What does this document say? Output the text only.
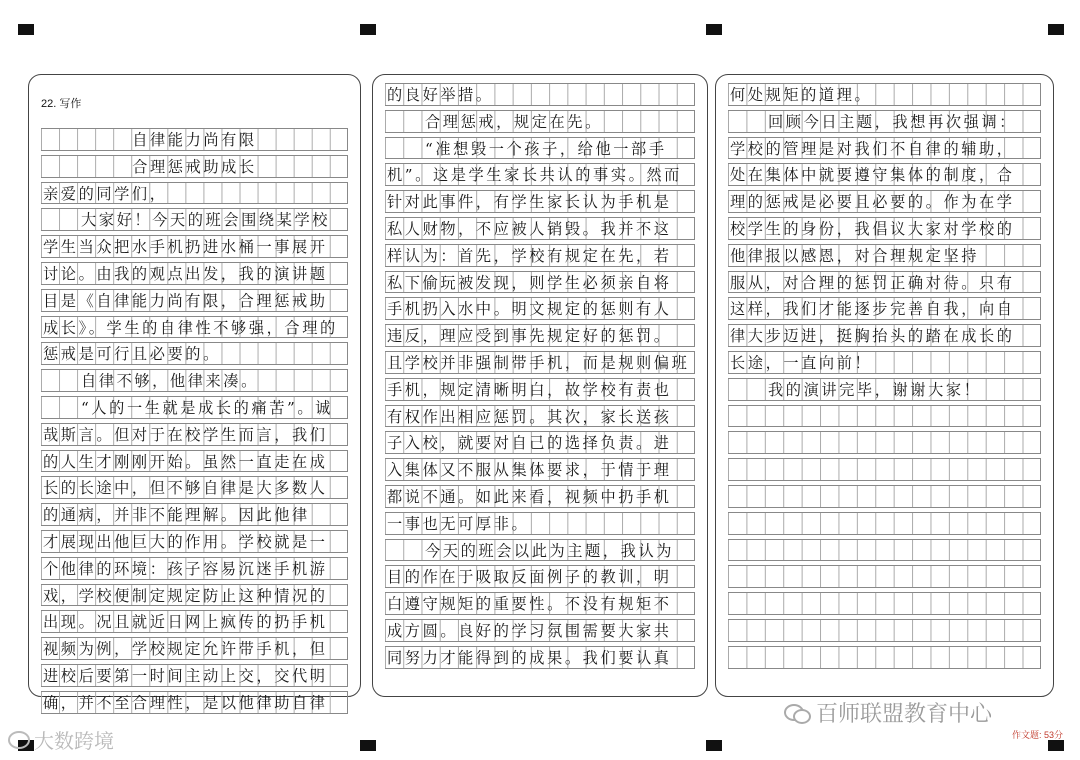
22. 写作
自律能力尚有限
合理惩戒助成长
亲爱的同学们，
大家好！今天的班会围绕某学校
学生当众把水手机扔进水桶一事展开
讨论。由我的观点出发，我的演讲题
目是《自律能力尚有限，合理惩戒助
成长》。学生的自律性不够强，合理的
惩戒是可行且必要的。
自律不够，他律来凑。
“人的一生就是成长的痛苦”。诚
哉斯言。但对于在校学生而言，我们
的人生才刚刚开始。虽然一直走在成
长的长途中，但不够自律是大多数人
的通病，并非不能理解。因此他律
才展现出他巨大的作用。学校就是一
个他律的环境：孩子容易沉迷手机游
戏，学校便制定规定防止这种情况的
出现。况且就近日网上疯传的扔手机
视频为例，学校规定允许带手机，但
进校后要第一时间主动上交，交代明
确，并不至合理性，是以他律助自律
的良好举措。
合理惩戒，规定在先。
“准想毁一个孩子，给他一部手
机”。这是学生家长共认的事实。然而
针对此事件，有学生家长认为手机是
私人财物，不应被人销毁。我并不这
样认为：首先，学校有规定在先，若
私下偷玩被发现，则学生必须亲自将
手机扔入水中。明文规定的惩则有人
违反，理应受到事先规定好的惩罚。
且学校并非强制带手机，而是规则偏班
手机，规定清晰明白，故学校有责也
有权作出相应惩罚。其次，家长送孩
子入校，就要对自己的选择负责。进
入集体又不服从集体要求，于情于理
都说不通。如此来看，视频中扔手机
一事也无可厚非。
今天的班会以此为主题，我认为
目的作在于吸取反面例子的教训，明
白遵守规矩的重要性。不没有规矩不
成方圆。良好的学习氛围需要大家共
同努力才能得到的成果。我们要认真
何处规矩的道理。
回顾今日主题，我想再次强调：
学校的管理是对我们不自律的辅助，
处在集体中就要遵守集体的制度，合
理的惩戒是必要且必要的。作为在学
校学生的身份，我倡议大家对学校的
他律报以感恩，对合理规定坚持
服从，对合理的惩罚正确对待。只有
这样，我们才能逐步完善自我，向自
律大步迈进，挺胸抬头的踏在成长的
长途，一直向前！
我的演讲完毕，谢谢大家！
大数跨境
百师联盟教育中心
作文题: 53分
